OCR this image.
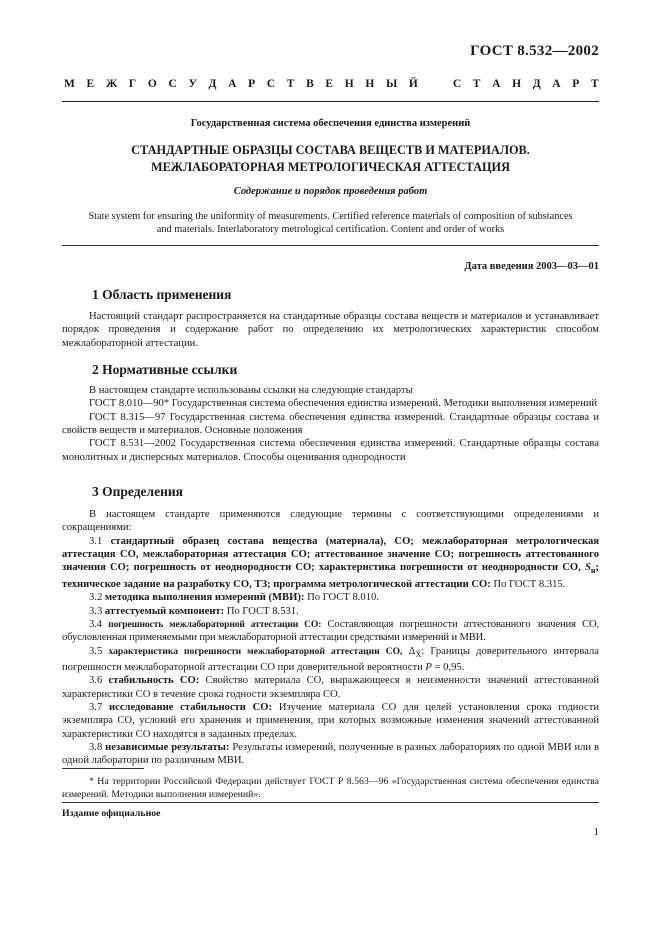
ГОСТ 8.532—2002
М Е Ж Г О С У Д А Р С Т В Е Н Н Ы Й	С Т А Н Д А Р Т
Государственная система обеспечения единства измерений
СТАНДАРТНЫЕ ОБРАЗЦЫ СОСТАВА ВЕЩЕСТВ И МАТЕРИАЛОВ.
МЕЖЛАБОРАТОРНАЯ МЕТРОЛОГИЧЕСКАЯ АТТЕСТАЦИЯ
Содержание и порядок проведения работ
State system for ensuring the uniformity of measurements. Certified reference materials of composition of substances
and materials. Interlaboratory metrological certification. Content and order of works
Дата введения 2003—03—01
1 Область применения

Настоящий стандарт распространяется на стандартные образцы состава веществ и материалов и устанавливает порядок проведения и содержание работ по определению их метрологических характеристик способом межлабораторной аттестации.

2 Нормативные ссылки

В настоящем стандарте использованы ссылки на следующие стандарты

ГОСТ 8.010—90* Государственная система обеспечения единства измерений. Методики выполнения измерений

ГОСТ 8.315—97 Государственная система обеспечения единства измерений. Стандартные образцы состава и свойств веществ и материалов. Основные положения

ГОСТ 8.531—2002 Государственная система обеспечения единства измерений. Стандартные образцы состава монолитных и дисперсных материалов. Способы оценивания однородности

3 Определения

В настоящем стандарте применяются следующие термины с соответствующими определениями и сокращениями:

3.1 стандартный образец состава вещества (материала), СО; межлабораторная метрологическая аттестация СО, межлабораторная аттестация СО; аттестованное значение СО; погрешность аттестованного значения СО; погрешность от неоднородности СО; характеристика погрешности от неоднородности СО, $S_н$; техническое задание на разработку СО, ТЗ; программа метрологической аттестации СО: По ГОСТ 8.315.

3.2 методика выполнения измерений (МВИ): По ГОСТ 8.010.

3.3 аттестуемый компонент: По ГОСТ 8.531.

3.4 погрешность межлабораторной аттестации СО: Составляющая погрешности аттестованного значения СО, обусловленная применяемыми при межлабораторной аттестации средствами измерений и МВИ.

3.5 характеристика погрешности межлабораторной аттестации СО, $\Delta_{X̄}$: Границы доверительного интервала погрешности межлабораторной аттестации СО при доверительной вероятности P = 0,95.

3.6 стабильность СО: Свойство материала СО, выражающееся в неизменности значений аттестованной характеристики СО в течение срока годности экземпляра СО.

3.7 исследование стабильности СО: Изучение материала СО для целей установления срока годности экземпляра СО, условий его хранения и применения, при которых возможные изменения значений аттестованной характеристики СО находятся в заданных пределах.

3.8 независимые результаты: Результаты измерений, полученные в разных лабораториях по одной МВИ или в одной лаборатории по различным МВИ.

* На территории Российской Федерации действует ГОСТ Р 8.563—96 «Государственная система обеспечения единства измерений. Методики выполнения измерений».

Издание официальное
1
